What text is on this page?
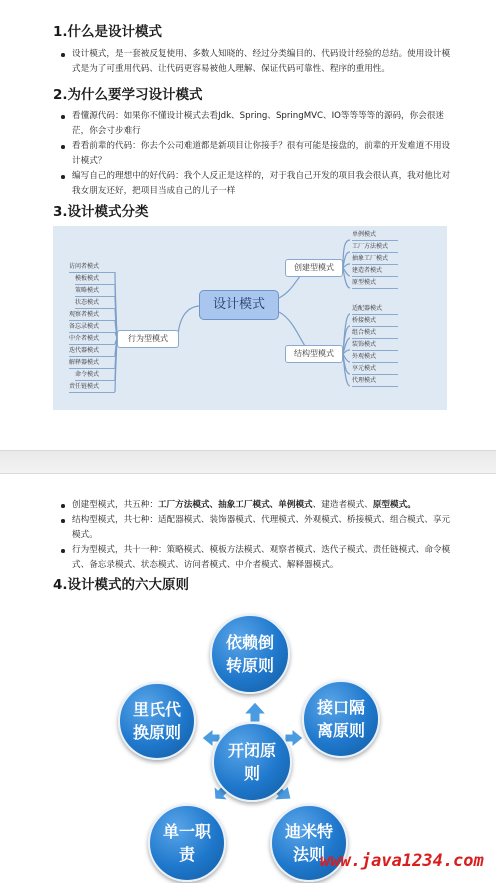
1.什么是设计模式
设计模式，是一套被反复使用、多数人知晓的、经过分类编目的、代码设计经验的总结。使用设计模式是为了可重用代码、让代码更容易被他人理解、保证代码可靠性、程序的重用性。
2.为什么要学习设计模式
看懂源代码：如果你不懂设计模式去看Jdk、Spring、SpringMVC、IO等等等等的源码，你会很迷茫，你会寸步难行
看看前辈的代码：你去个公司难道都是新项目让你接手？很有可能是接盘的，前辈的开发难道不用设计模式？
编写自己的理想中的好代码：我个人反正是这样的，对于我自己开发的项目我会很认真，我对他比对我女朋友还好，把项目当成自己的儿子一样
3.设计模式分类
设计模式
创建型模式
结构型模式
行为型模式
单例模式
工厂方法模式
抽象工厂模式
建造者模式
原型模式
适配器模式
桥接模式
组合模式
装饰模式
外观模式
享元模式
代理模式
访问者模式
模板模式
策略模式
状态模式
观察者模式
备忘录模式
中介者模式
迭代器模式
解释器模式
命令模式
责任链模式
创建型模式，共五种：工厂方法模式、抽象工厂模式、单例模式、建造者模式、原型模式。
结构型模式，共七种：适配器模式、装饰器模式、代理模式、外观模式、桥接模式、组合模式、享元模式。
行为型模式，共十一种：策略模式、模板方法模式、观察者模式、迭代子模式、责任链模式、命令模式、备忘录模式、状态模式、访问者模式、中介者模式、解释器模式。
4.设计模式的六大原则
开闭原则
依赖倒转原则
接口隔离原则
迪米特法则
单一职责
里氏代换原则
www.java1234.com
